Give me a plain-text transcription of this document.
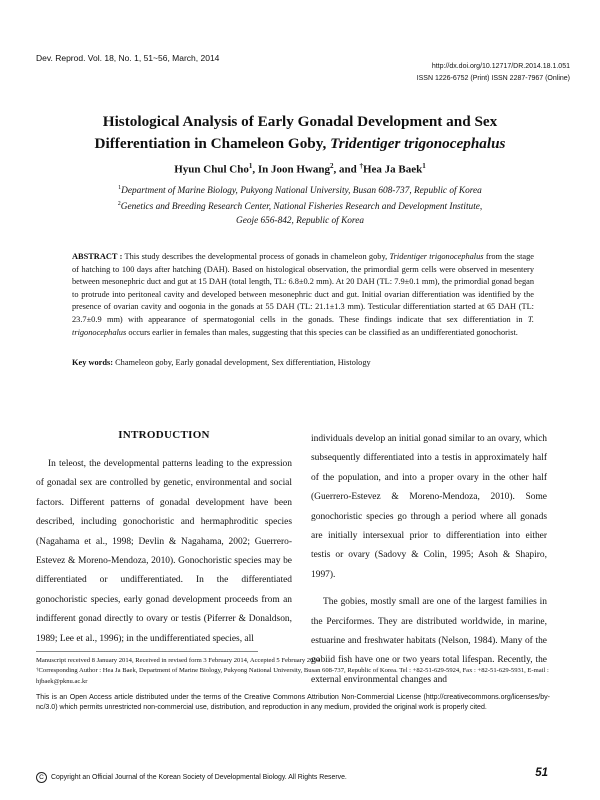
Dev. Reprod. Vol. 18, No. 1, 51~56, March, 2014
http://dx.doi.org/10.12717/DR.2014.18.1.051
ISSN 1226-6752 (Print) ISSN 2287-7967 (Online)
Histological Analysis of Early Gonadal Development and Sex
Differentiation in Chameleon Goby, Tridentiger trigonocephalus
Hyun Chul Cho$^1$, In Joon Hwang$^2$, and †Hea Ja Baek$^1$
$^1$Department of Marine Biology, Pukyong National University, Busan 608-737, Republic of Korea
$^2$Genetics and Breeding Research Center, National Fisheries Research and Development Institute,
Geoje 656-842, Republic of Korea
ABSTRACT : This study describes the developmental process of gonads in chameleon goby, Tridentiger trigonocephalus from the stage of hatching to 100 days after hatching (DAH). Based on histological observation, the primordial germ cells were observed in mesentery between mesonephric duct and gut at 15 DAH (total length, TL: 6.8±0.2 mm). At 20 DAH (TL: 7.9±0.1 mm), the primordial gonad began to protrude into peritoneal cavity and developed between mesonephric duct and gut. Initial ovarian differentiation was identified by the presence of ovarian cavity and oogonia in the gonads at 55 DAH (TL: 21.1±1.3 mm). Testicular differentiation started at 65 DAH (TL: 23.7±0.9 mm) with appearance of spermatogonial cells in the gonads. These findings indicate that sex differentiation in T. trigonocephalus occurs earlier in females than males, suggesting that this species can be classified as an undifferentiated gonochorist.
Key words: Chameleon goby, Early gonadal development, Sex differentiation, Histology
INTRODUCTION

In teleost, the developmental patterns leading to the expression of gonadal sex are controlled by genetic, environmental and social factors. Different patterns of gonadal development have been described, including gonochoristic and hermaphroditic species (Nagahama et al., 1998; Devlin & Nagahama, 2002; Guerrero-Estevez & Moreno-Mendoza, 2010). Gonochoristic species may be differentiated or undifferentiated. In the differentiated gonochoristic species, early gonad development proceeds from an indifferent gonad directly to ovary or testis (Piferrer & Donaldson, 1989; Lee et al., 1996); in the undifferentiated species, all

individuals develop an initial gonad similar to an ovary, which subsequently differentiated into a testis in approximately half of the population, and into a proper ovary in the other half (Guerrero-Estevez & Moreno-Mendoza, 2010). Some gonochoristic species go through a period where all gonads are initially intersexual prior to differentiation into either testis or ovary (Sadovy & Colin, 1995; Asoh & Shapiro, 1997).

The gobies, mostly small are one of the largest families in the Perciformes. They are distributed worldwide, in marine, estuarine and freshwater habitats (Nelson, 1984). Many of the gobiid fish have one or two years total lifespan. Recently, the external environmental changes and

Manuscript received 8 January 2014, Received in revised form 3 February 2014, Accepted 5 February 2014

†Corresponding Author : Hea Ja Baek, Department of Marine Biology, Pukyong National University, Busan 608-737, Republic of Korea. Tel : +82-51-629-5924, Fax : +82-51-629-5931, E-mail : hjbaek@pknu.ac.kr

This is an Open Access article distributed under the terms of the Creative Commons Attribution Non-Commercial License (http://creativecommons.org/licenses/by-nc/3.0) which permits unrestricted non-commercial use, distribution, and reproduction in any medium, provided the original work is properly cited.
C	Copyright an Official Journal of the Korean Society of Developmental Biology. All Rights Reserve.	51
